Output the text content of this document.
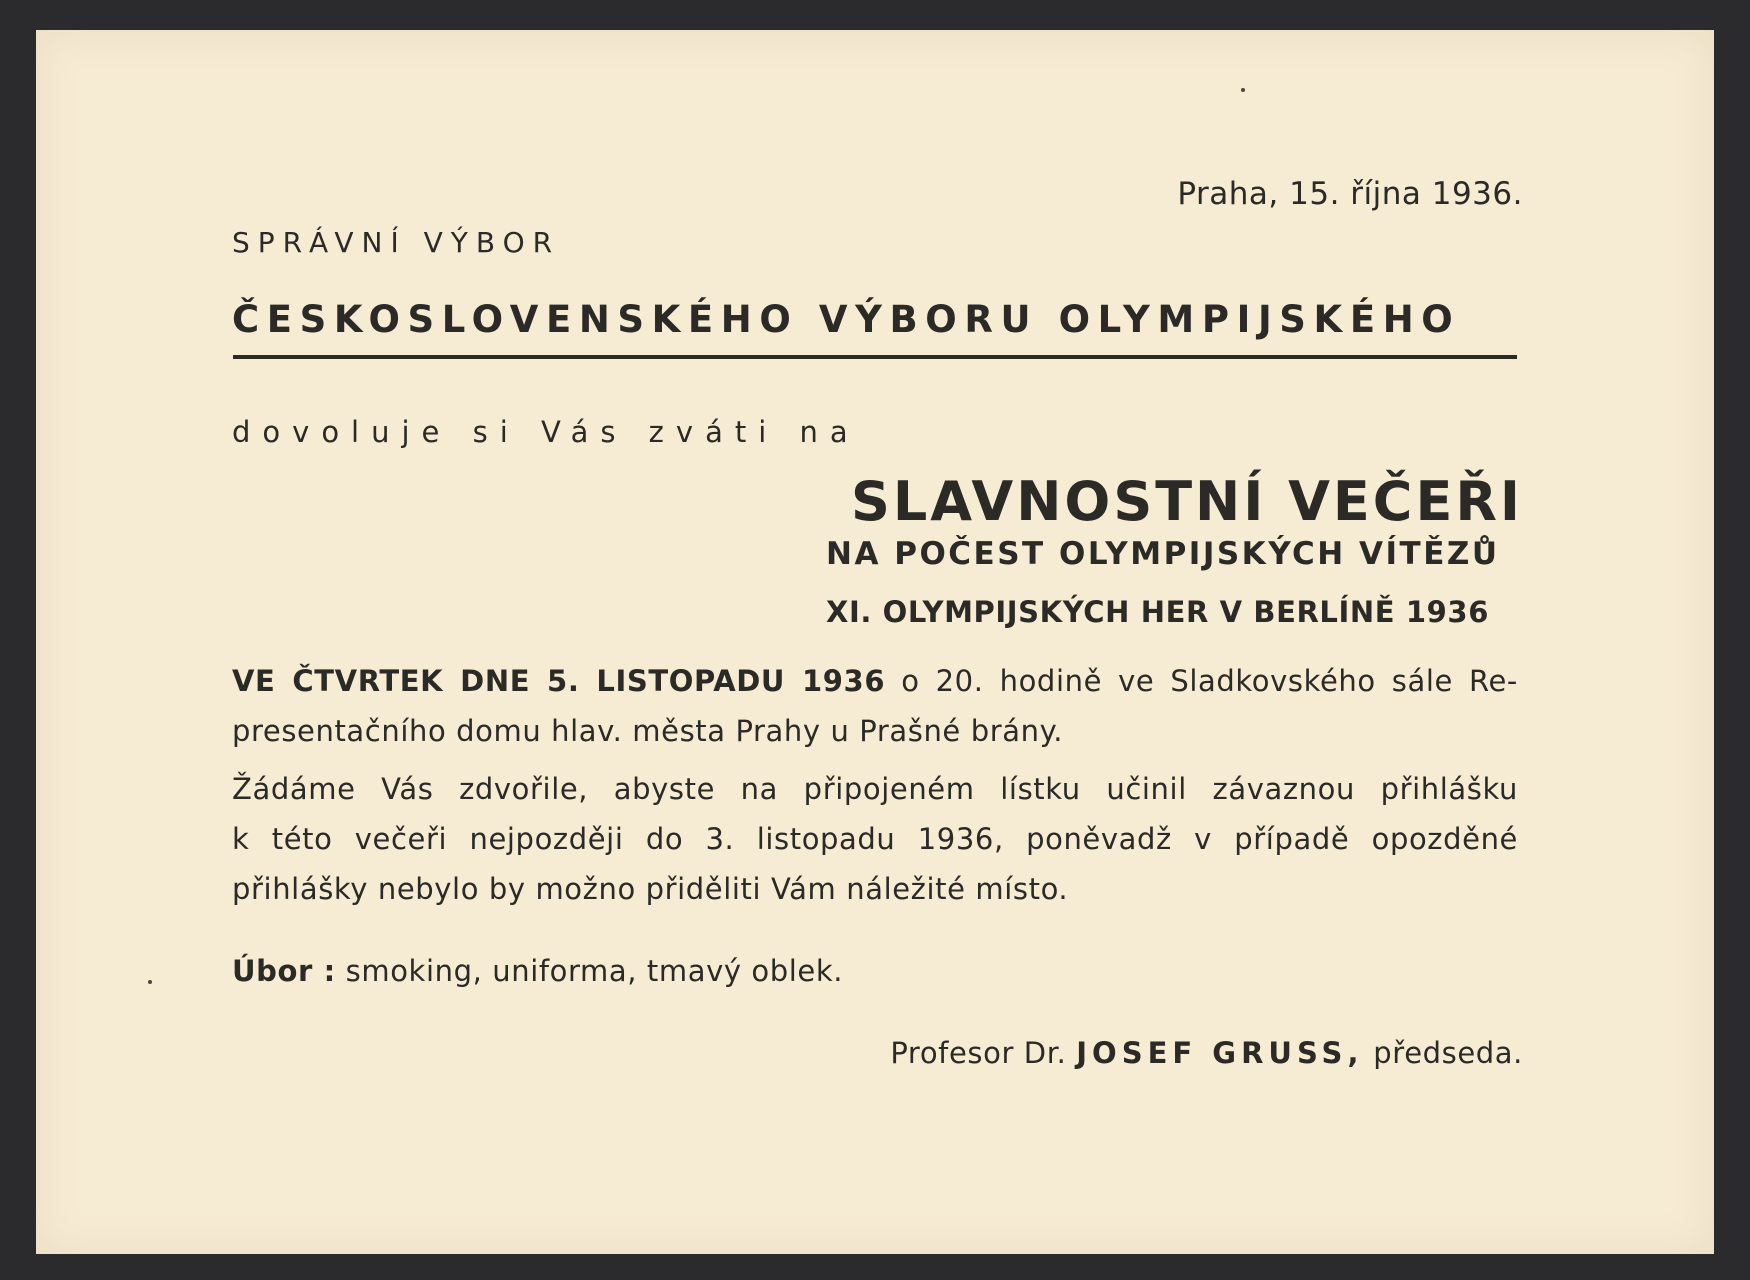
Praha, 15. října 1936.
SPRÁVNÍ VÝBOR
ČESKOSLOVENSKÉHO VÝBORU OLYMPIJSKÉHO
dovoluje si Vás zváti na
SLAVNOSTNÍ VEČEŘI
NA POČEST OLYMPIJSKÝCH VÍTĚZŮ
XI. OLYMPIJSKÝCH HER V BERLÍNĚ 1936
VE ČTVRTEK DNE 5. LISTOPADU 1936 o 20. hodině ve Sladkovského sále Re-
presentačního domu hlav. města Prahy u Prašné brány.
Žádáme Vás zdvořile, abyste na připojeném lístku učinil závaznou přihlášku
k této večeři nejpozději do 3. listopadu 1936, poněvadž v případě opozděné
přihlášky nebylo by možno přiděliti Vám náležité místo.
Úbor : smoking, uniforma, tmavý oblek.
Profesor Dr. JOSEF GRUSS, předseda.
